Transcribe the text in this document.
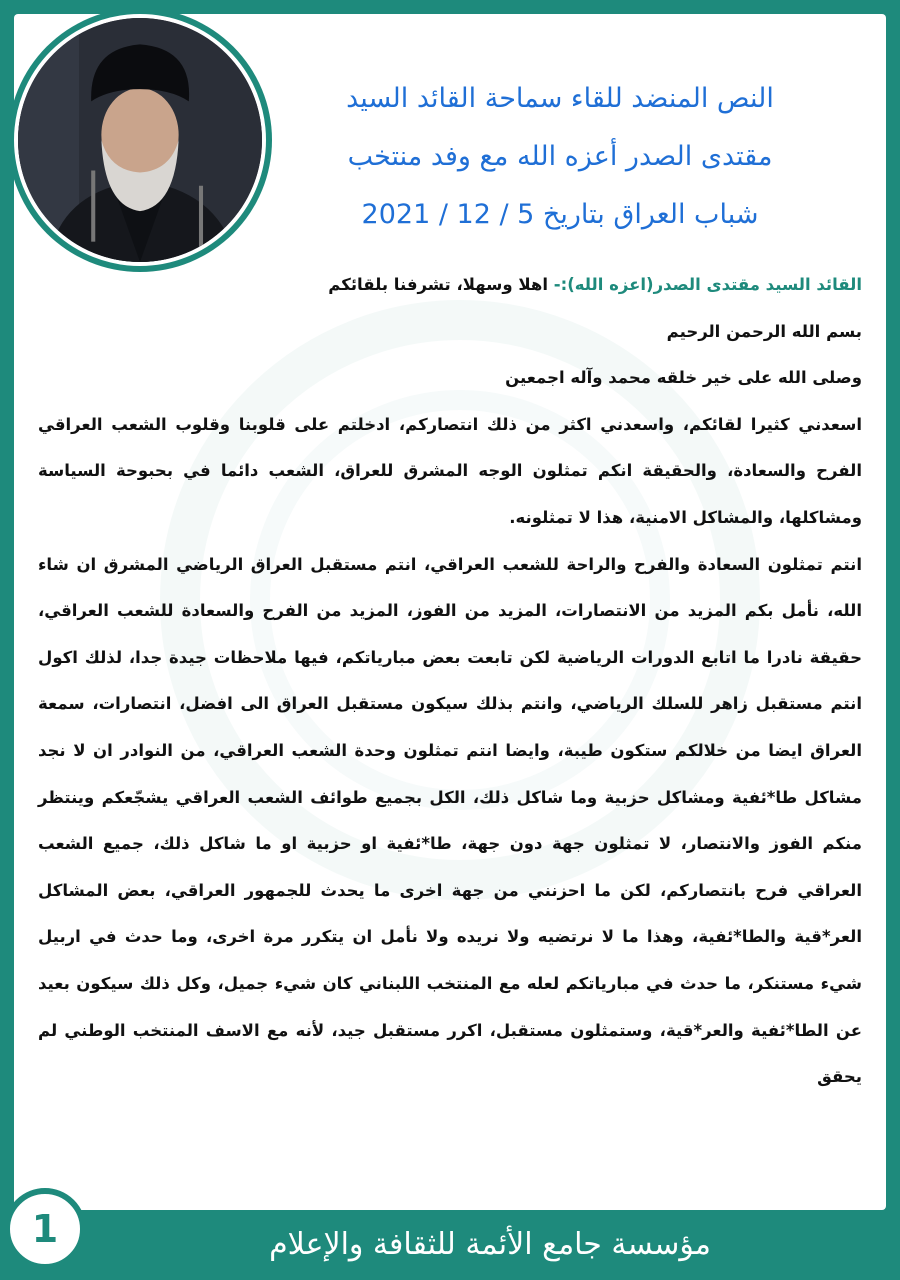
النص المنضد للقاء سماحة القائد السيد
مقتدى الصدر أعزه الله مع وفد منتخب
شباب العراق بتاريخ 5 / 12 / 2021

القائد السيد مقتدى الصدر(اعزه الله):- اهلا وسهلا، تشرفنا بلقائكم

بسم الله الرحمن الرحيم

وصلى الله على خير خلقه محمد وآله اجمعين

اسعدني كثيرا لقائكم، واسعدني اكثر من ذلك انتصاركم، ادخلتم على قلوبنا وقلوب الشعب العراقي الفرح والسعادة، والحقيقة انكم تمثلون الوجه المشرق للعراق، الشعب دائما في بحبوحة السياسة ومشاكلها، والمشاكل الامنية، هذا لا تمثلونه.

انتم تمثلون السعادة والفرح والراحة للشعب العراقي، انتم مستقبل العراق الرياضي المشرق ان شاء الله، نأمل بكم المزيد من الانتصارات، المزيد من الفوز، المزيد من الفرح والسعادة للشعب العراقي، حقيقة نادرا ما اتابع الدورات الرياضية لكن تابعت بعض مبارياتكم، فيها ملاحظات جيدة جدا، لذلك اكول انتم مستقبل زاهر للسلك الرياضي، وانتم بذلك سيكون مستقبل العراق الى افضل، انتصارات، سمعة العراق ايضا من خلالكم ستكون طيبة، وايضا انتم تمثلون وحدة الشعب العراقي، من النوادر ان لا نجد مشاكل طا*ئفية ومشاكل حزبية وما شاكل ذلك، الكل بجميع طوائف الشعب العراقي يشجّعكم وينتظر منكم الفوز والانتصار، لا تمثلون جهة دون جهة، طا*ئفية او حزبية او ما شاكل ذلك، جميع الشعب العراقي فرح بانتصاركم، لكن ما احزنني من جهة اخرى ما يحدث للجمهور العراقي، بعض المشاكل العر*قية والطا*ئفية، وهذا ما لا نرتضيه ولا نريده ولا نأمل ان يتكرر مرة اخرى، وما حدث في اربيل شيء مستنكر، ما حدث في مبارياتكم لعله مع المنتخب اللبناني كان شيء جميل، وكل ذلك سيكون بعيد عن الطا*ئفية والعر*قية، وستمثلون مستقبل، اكرر مستقبل جيد، لأنه مع الاسف المنتخب الوطني لم يحقق

1	مؤسسة جامع الأئمة للثقافة والإعلام
